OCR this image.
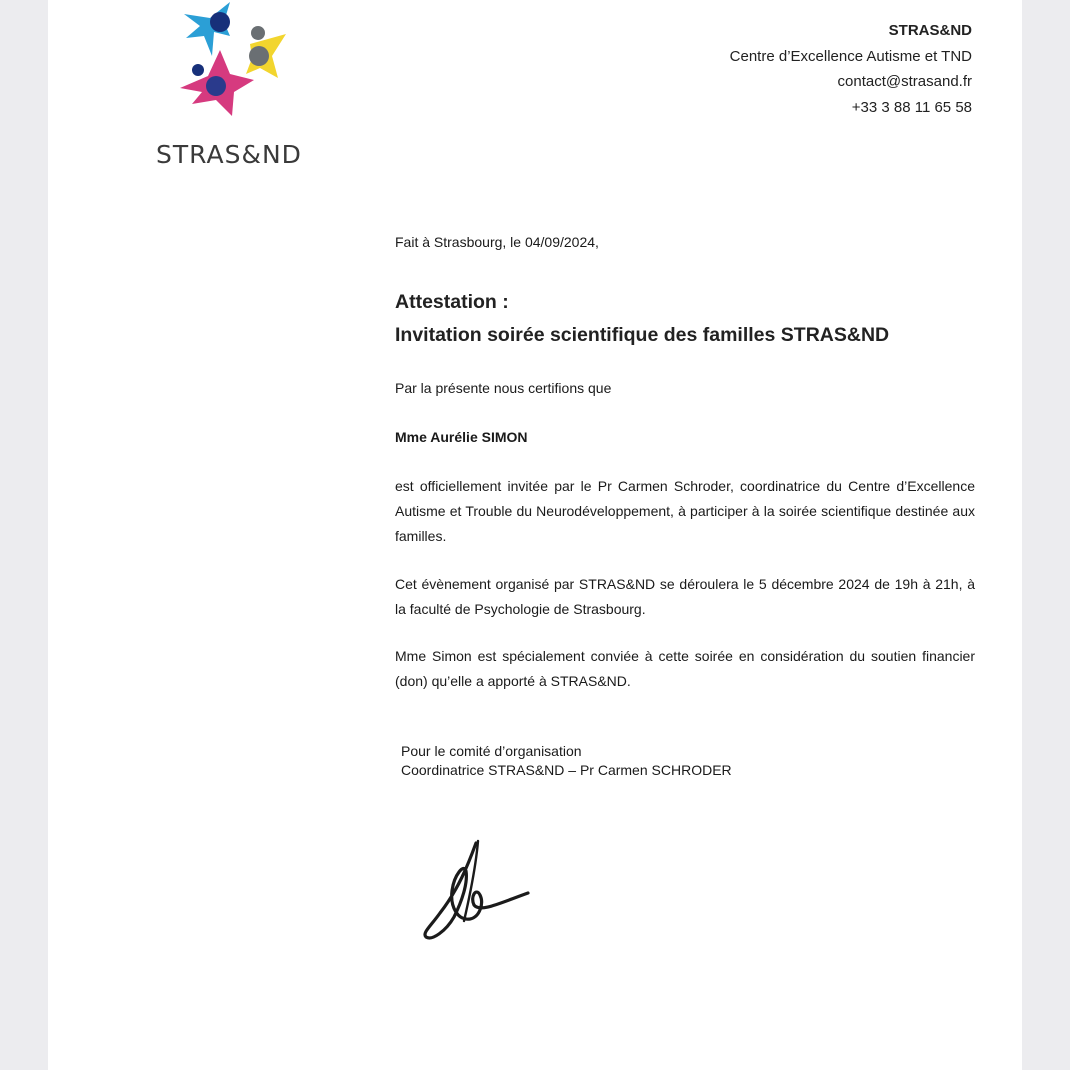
STRAS&ND
STRAS&ND
Centre d’Excellence Autisme et TND
contact@strasand.fr
+33 3 88 11 65 58
Fait à Strasbourg, le 04/09/2024,
Attestation :
Invitation soirée scientifique des familles STRAS&ND
Par la présente nous certifions que
Mme Aurélie SIMON
est officiellement invitée par le Pr Carmen Schroder, coordinatrice du Centre d’Excellence Autisme et Trouble du Neurodéveloppement, à participer à la soirée scientifique destinée aux familles.
Cet évènement organisé par STRAS&ND se déroulera le 5 décembre 2024 de 19h à 21h, à la faculté de Psychologie de Strasbourg.
Mme Simon est spécialement conviée à cette soirée en considération du soutien financier (don) qu’elle a apporté à STRAS&ND.
Pour le comité d’organisation
Coordinatrice STRAS&ND – Pr Carmen SCHRODER
